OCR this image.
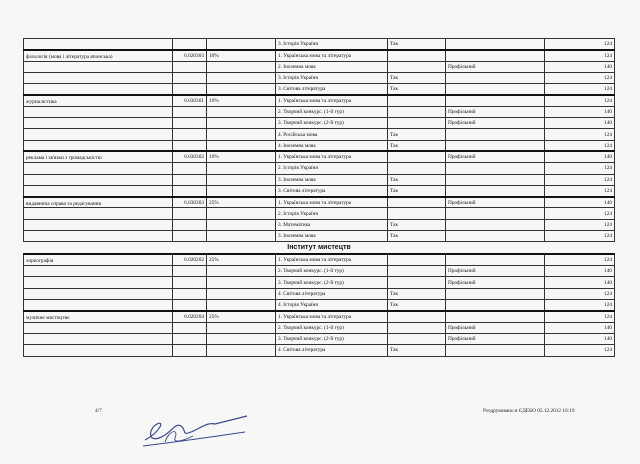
			3. Історія України	Так		124
філологія (мова і література японська)	6.020303	10%	1. Українська мова та література			124
			2. Іноземна мова		Профільний	140
			3. Історія України	Так		124
			3. Світова література	Так		124
журналістика	6.030301	10%	1. Українська мова та література			124
			2. Творчий конкурс. (1-й тур)		Профільний	140
			3. Творчий конкурс. (2-й тур)		Профільний	140
			4. Російська мова	Так		124
			4. Іноземна мова	Так		124
реклама і зв'язки з громадськістю	6.030302	10%	1. Українська мова та література		Профільний	140
			2. Історія України			124
			3. Іноземна мова	Так		124
			3. Світова література	Так		124
видавнича справа та редагування	6.030303	25%	1. Українська мова та література		Профільний	140
			2. Історія України			124
			3. Математика	Так		124
			3. Іноземна мова	Так		124
Інститут мистецтв						
хореографія	6.020202	25%	1. Українська мова та література			124
			2. Творчий конкурс. (1-й тур)		Профільний	140
			3. Творчий конкурс. (2-й тур)		Профільний	140
			4. Світова література	Так		124
			4. Історія України	Так		124
музичне мистецтво	6.020204	25%	1. Українська мова та література			124
			2. Творчий конкурс. (1-й тур)		Профільний	140
			3. Творчий конкурс. (2-й тур)		Профільний	140
			4. Світова література	Так		124
4/7	Роздруковано в ЄДЕБО 05.12.2012 16:19
